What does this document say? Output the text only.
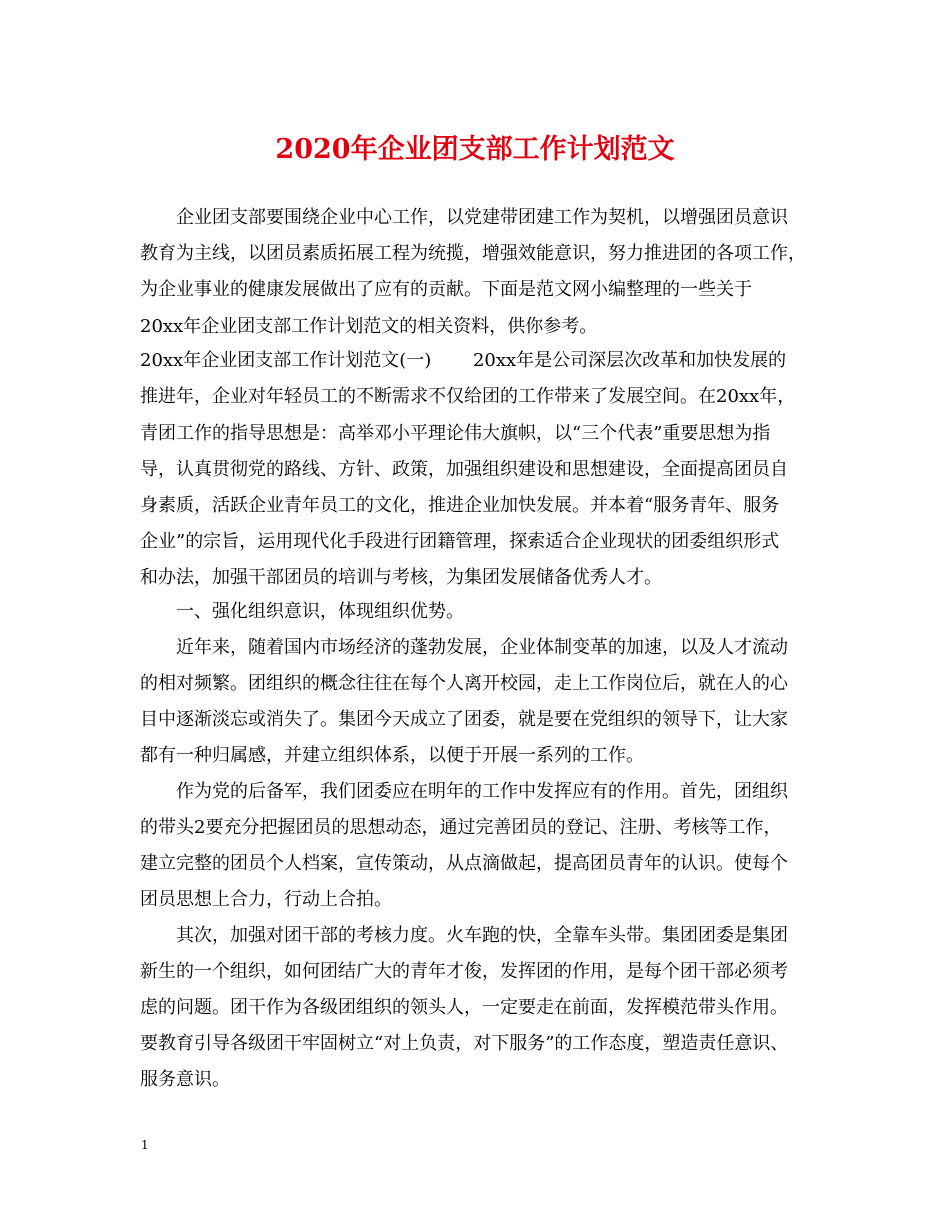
2020年企业团支部工作计划范文
　　企业团支部要围绕企业中心工作，以党建带团建工作为契机，以增强团员意识
教育为主线，以团员素质拓展工程为统揽，增强效能意识，努力推进团的各项工作，
为企业事业的健康发展做出了应有的贡献。下面是范文网小编整理的一些关于
20xx年企业团支部工作计划范文的相关资料，供你参考。
20xx年企业团支部工作计划范文(一)　　 20xx年是公司深层次改革和加快发展的
推进年，企业对年轻员工的不断需求不仅给团的工作带来了发展空间。在20xx年，
青团工作的指导思想是：高举邓小平理论伟大旗帜，以“三个代表”重要思想为指
导，认真贯彻党的路线、方针、政策，加强组织建设和思想建设，全面提高团员自
身素质，活跃企业青年员工的文化，推进企业加快发展。并本着“服务青年、服务
企业”的宗旨，运用现代化手段进行团籍管理，探索适合企业现状的团委组织形式
和办法，加强干部团员的培训与考核，为集团发展储备优秀人才。
　　一、强化组织意识，体现组织优势。
　　近年来，随着国内市场经济的蓬勃发展，企业体制变革的加速，以及人才流动
的相对频繁。团组织的概念往往在每个人离开校园，走上工作岗位后，就在人的心
目中逐渐淡忘或消失了。集团今天成立了团委，就是要在党组织的领导下，让大家
都有一种归属感，并建立组织体系，以便于开展一系列的工作。
　　作为党的后备军，我们团委应在明年的工作中发挥应有的作用。首先，团组织
的带头2要充分把握团员的思想动态，通过完善团员的登记、注册、考核等工作，
建立完整的团员个人档案，宣传策动，从点滴做起，提高团员青年的认识。使每个
团员思想上合力，行动上合拍。
　　其次，加强对团干部的考核力度。火车跑的快，全靠车头带。集团团委是集团
新生的一个组织，如何团结广大的青年才俊，发挥团的作用，是每个团干部必须考
虑的问题。团干作为各级团组织的领头人，一定要走在前面，发挥模范带头作用。
要教育引导各级团干牢固树立“对上负责，对下服务”的工作态度，塑造责任意识、
服务意识。
1
